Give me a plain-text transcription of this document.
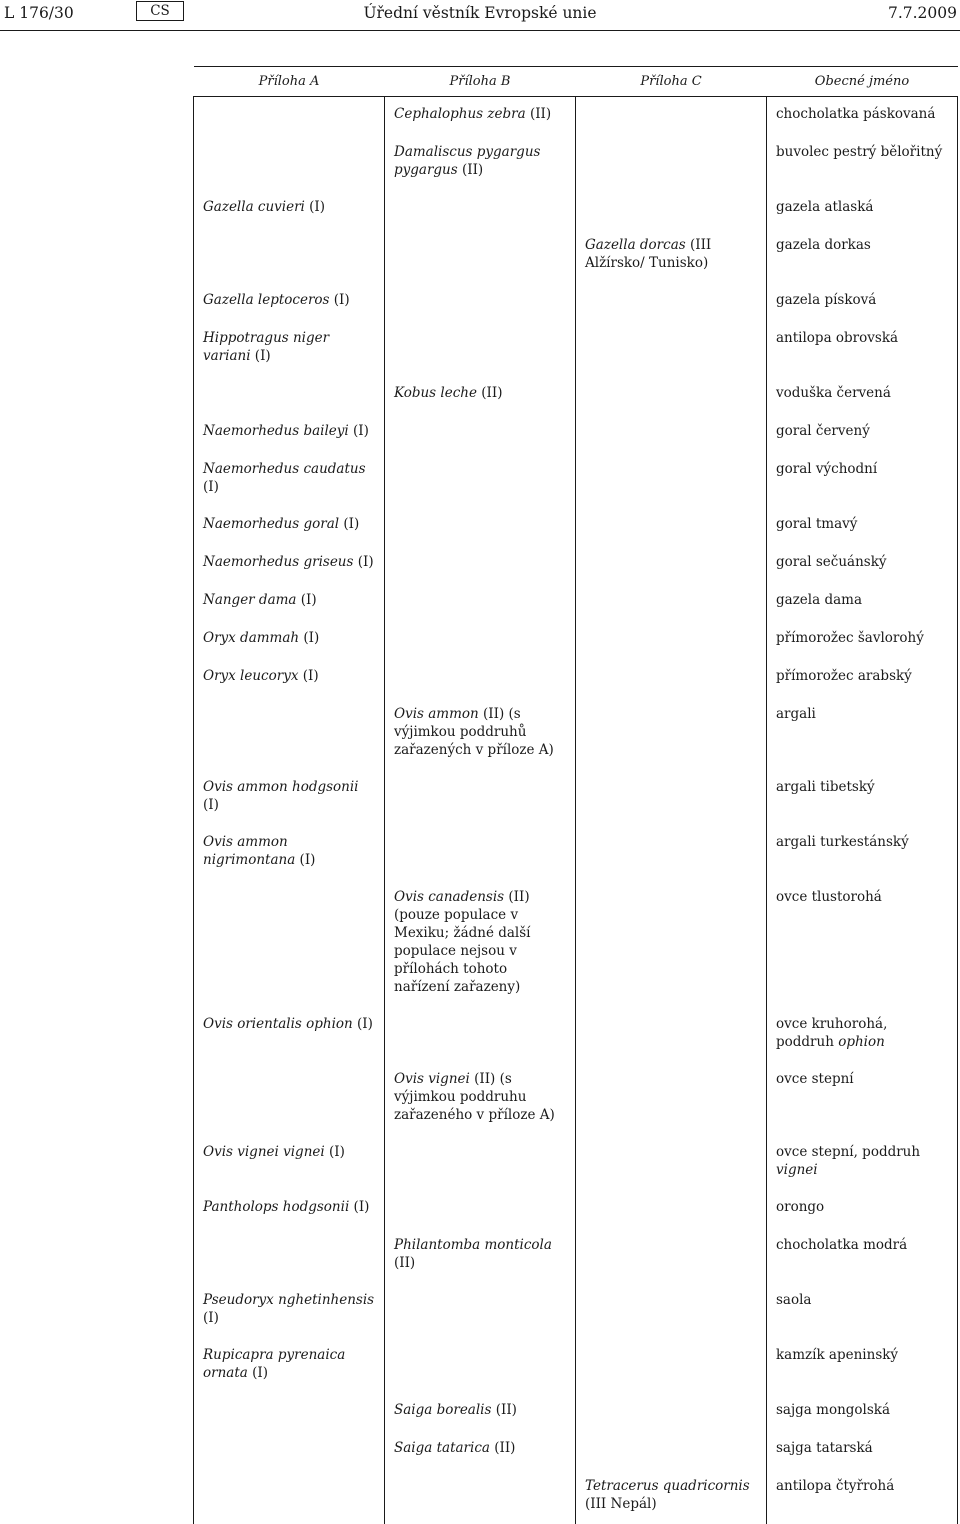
L 176/30	CS	Úřední věstník Evropské unie	7.7.2009
Příloha A	Příloha B	Příloha C	Obecné jméno
	Cephalophus zebra (II)		chocholatka páskovaná
	Damaliscus pygargus pygargus (II)		buvolec pestrý bělořitný
Gazella cuvieri (I)			gazela atlaská
		Gazella dorcas (III Alžírsko/ Tunisko)	gazela dorkas
Gazella leptoceros (I)			gazela písková
Hippotragus niger variani (I)			antilopa obrovská
	Kobus leche (II)		voduška červená
Naemorhedus baileyi (I)			goral červený
Naemorhedus caudatus (I)			goral východní
Naemorhedus goral (I)			goral tmavý
Naemorhedus griseus (I)			goral sečuánský
Nanger dama (I)			gazela dama
Oryx dammah (I)			přímorožec šavlorohý
Oryx leucoryx (I)			přímorožec arabský
	Ovis ammon (II) (s výjimkou poddruhů zařazených v příloze A)		argali
Ovis ammon hodgsonii (I)			argali tibetský
Ovis ammon nigrimontana (I)			argali turkestánský
	Ovis canadensis (II) (pouze populace v Mexiku; žádné další populace nejsou v přílohách tohoto nařízení zařazeny)		ovce tlustorohá
Ovis orientalis ophion (I)			ovce kruhorohá, poddruh ophion
	Ovis vignei (II) (s výjimkou poddruhu zařazeného v příloze A)		ovce stepní
Ovis vignei vignei (I)			ovce stepní, poddruh vignei
Pantholops hodgsonii (I)			orongo
	Philantomba monticola (II)		chocholatka modrá
Pseudoryx nghetinhensis (I)			saola
Rupicapra pyrenaica ornata (I)			kamzík apeninský
	Saiga borealis (II)		sajga mongolská
	Saiga tatarica (II)		sajga tatarská
		Tetracerus quadricornis (III Nepál)	antilopa čtyřrohá
